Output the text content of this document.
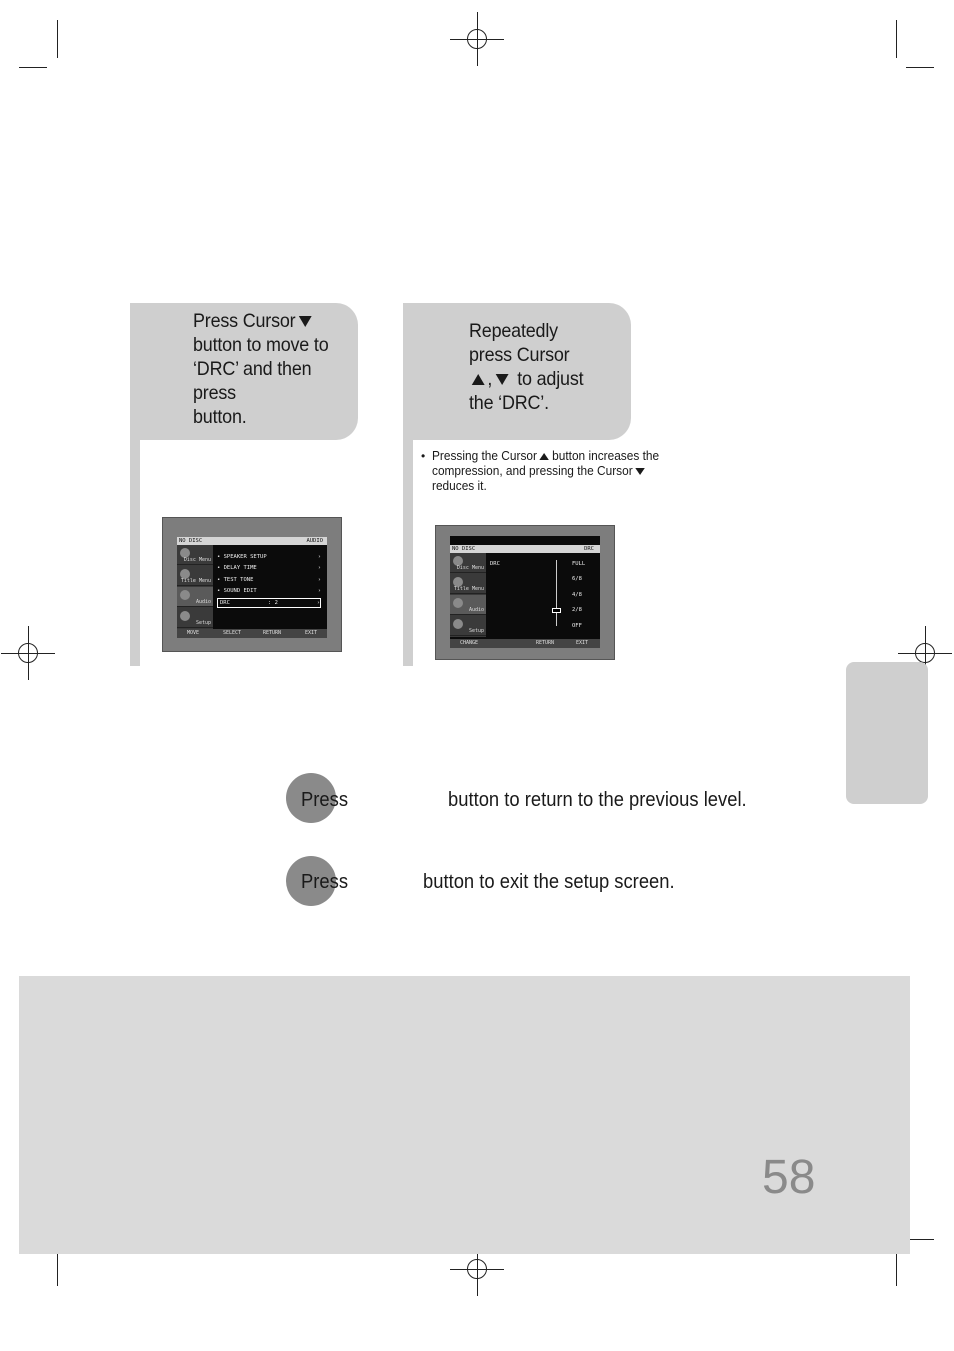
Press Cursor
button to move to
‘DRC’ and then
press
button.
NO DISC	AUDIO
Disc Menu
Title Menu
Audio
Setup
• SPEAKER SETUP	›
• DELAY TIME	›
• TEST TONE	›
• SOUND EDIT	›
DRC	: 2	›
MOVE	SELECT	RETURN	EXIT
Repeatedly
press Cursor
, to adjust
the ‘DRC’.
• Pressing the Cursor button increases the compression, and pressing the Cursorreduces it.
NO DISC	DRC
Disc Menu
Title Menu
Audio
Setup
DRC	FULL
6/8
4/8
2/8
OFF
CHANGE	RETURN	EXIT
Press	button to return to the previous level.
Press	button to exit the setup screen.
58
